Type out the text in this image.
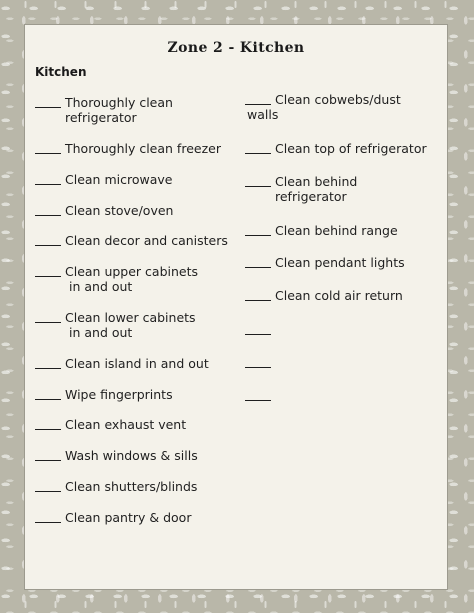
Zone 2 - Kitchen
Kitchen
Thoroughly clean
refrigerator
Thoroughly clean freezer
Clean microwave
Clean stove/oven
Clean decor and canisters
Clean upper cabinets
in and out
Clean lower cabinets
in and out
Clean island in and out
Wipe fingerprints
Clean exhaust vent
Wash windows & sills
Clean shutters/blinds
Clean pantry & door
Clean cobwebs/dust
walls
Clean top of refrigerator
Clean behind
refrigerator
Clean behind range
Clean pendant lights
Clean cold air return
